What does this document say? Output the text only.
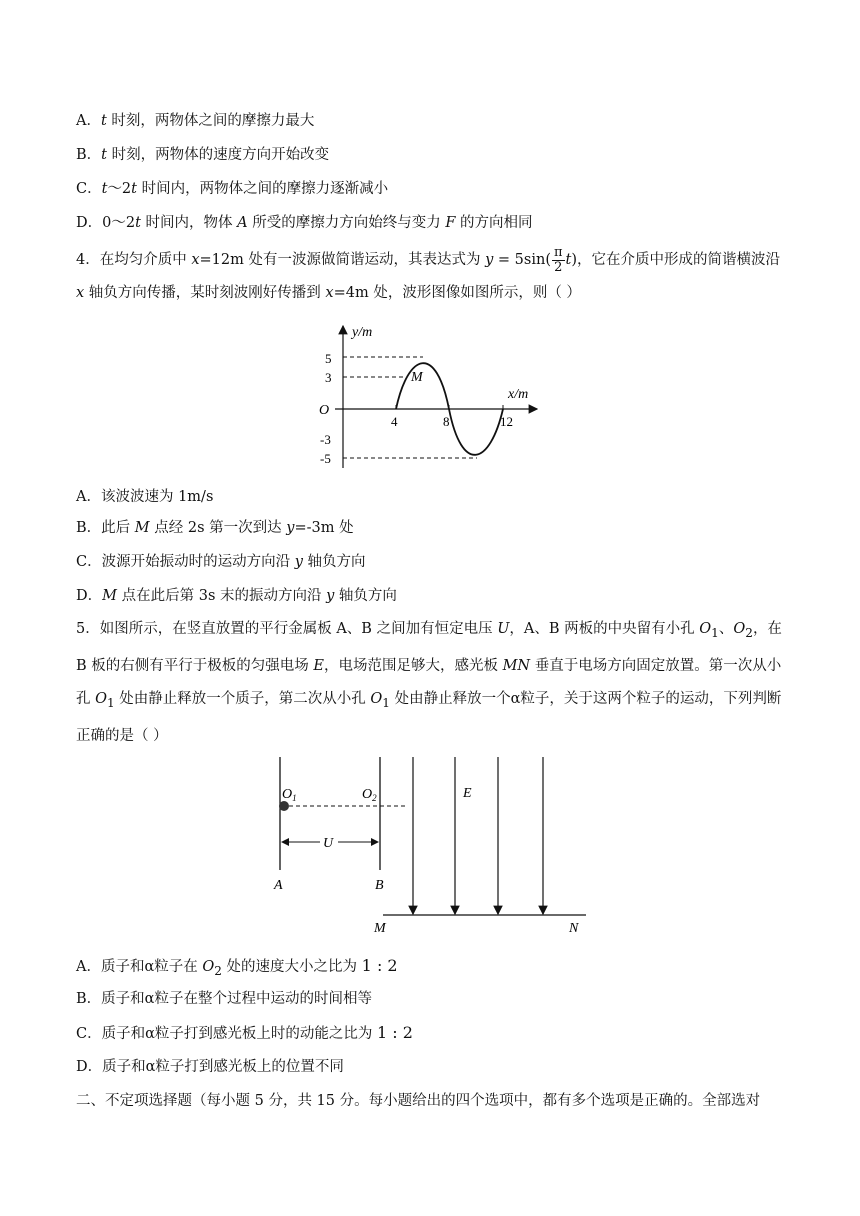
A．t 时刻，两物体之间的摩擦力最大
B．t 时刻，两物体的速度方向开始改变
C．t～2t 时间内，两物体之间的摩擦力逐渐减小
D．0～2t 时间内，物体 A 所受的摩擦力方向始终与变力 F 的方向相同
4．在均匀介质中 x=12m 处有一波源做简谐运动，其表达式为 $y = 5\sin( \frac{\pi}{2} t)$，它在介质中形成的简谐横波沿 x 轴负方向传播，某时刻波刚好传播到 x=4m 处，波形图像如图所示，则（ ）
y/m
x/m
O
5
3
-3
-5
4	8	12
M
A．该波波速为 1m/s
B．此后 M 点经 2s 第一次到达 y=-3m 处
C．波源开始振动时的运动方向沿 y 轴负方向
D．M 点在此后第 3s 末的振动方向沿 y 轴负方向
5．如图所示，在竖直放置的平行金属板 A、B 之间加有恒定电压 U，A、B 两板的中央留有小孔 $O_1$、$O_2$，在 B 板的右侧有平行于极板的匀强电场 E，电场范围足够大，感光板 MN 垂直于电场方向固定放置。第一次从小孔 $O_1$ 处由静止释放一个质子，第二次从小孔 $O_1$ 处由静止释放一个α粒子，关于这两个粒子的运动，下列判断正确的是（ ）
$O_1$	$O_2$
U
A	B
E
M	N
A．质子和α粒子在 $O_2$ 处的速度大小之比为 1 : 2
B．质子和α粒子在整个过程中运动的时间相等
C．质子和α粒子打到感光板上时的动能之比为 1 : 2
D．质子和α粒子打到感光板上的位置不同
二、不定项选择题（每小题 5 分，共 15 分。每小题给出的四个选项中，都有多个选项是正确的。全部选对
